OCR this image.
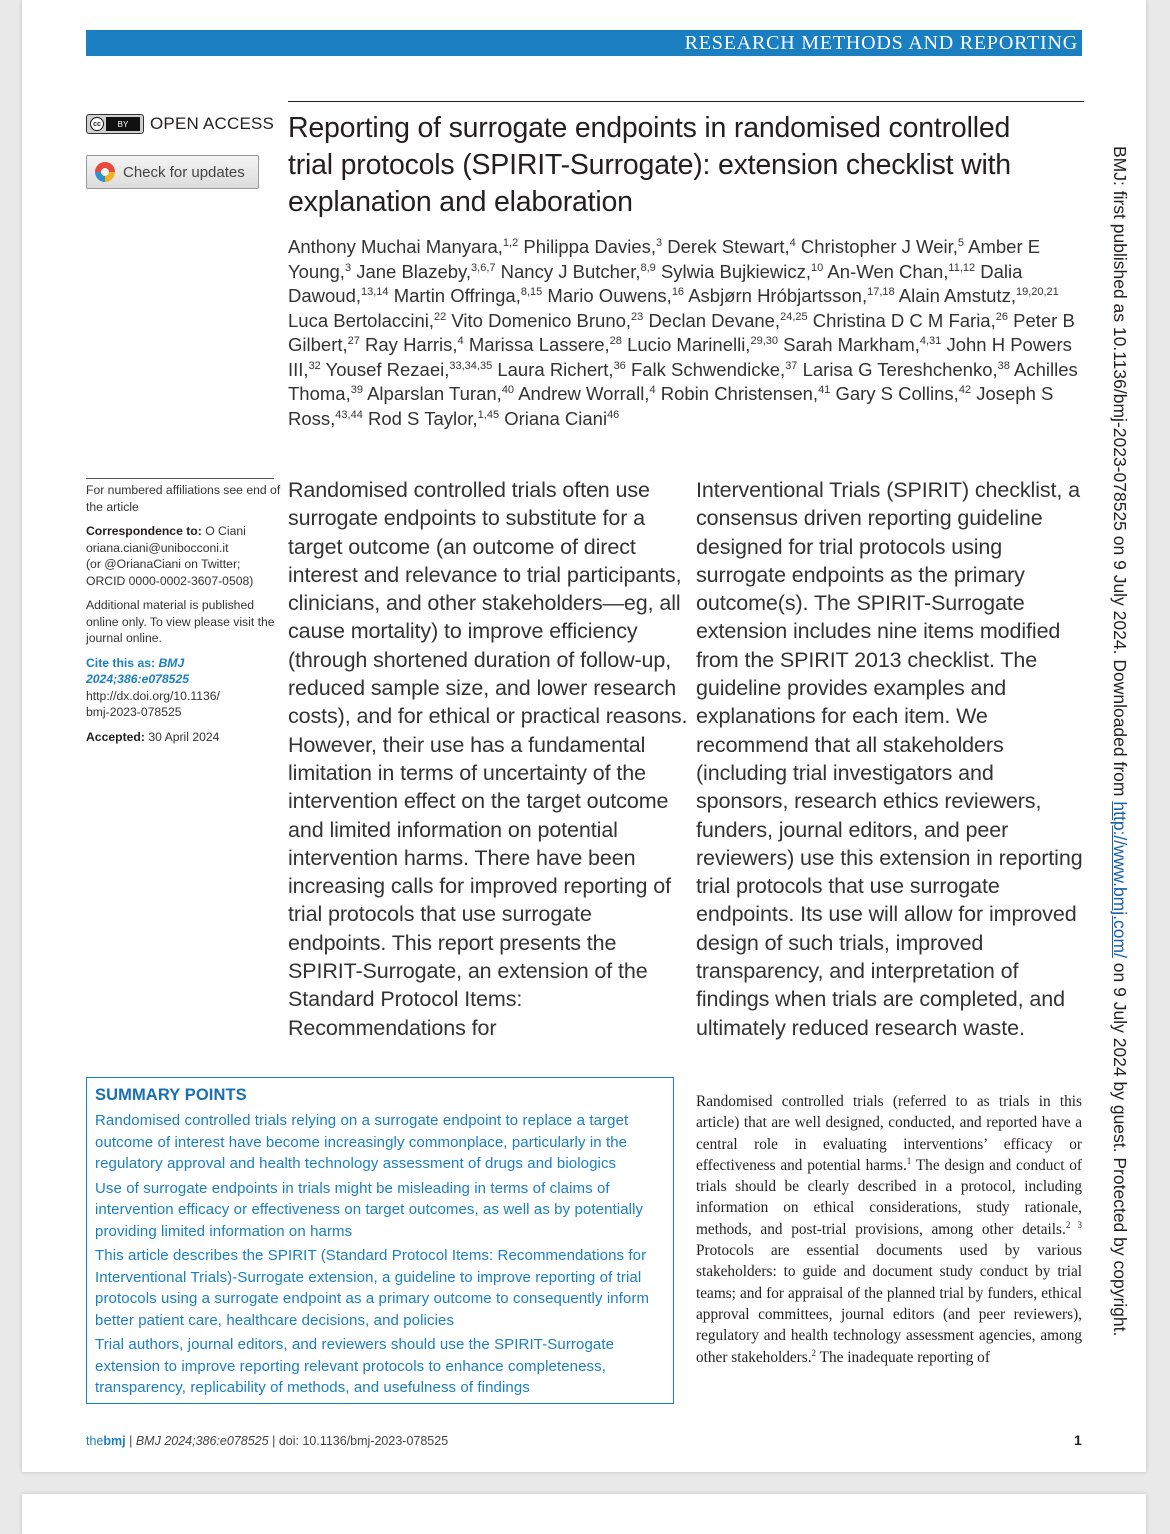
RESEARCH METHODS AND REPORTING
cc	BY	OPEN ACCESS
Check for updates
Reporting of surrogate endpoints in randomised controlled trial protocols (SPIRIT-Surrogate): extension checklist with explanation and elaboration
Anthony Muchai Manyara,$^{1,2}$ Philippa Davies,$^3$ Derek Stewart,$^4$ Christopher J Weir,$^5$ Amber E Young,$^3$ Jane Blazeby,$^{3,6,7}$ Nancy J Butcher,$^{8,9}$ Sylwia Bujkiewicz,$^{10}$ An-Wen Chan,$^{11,12}$ Dalia Dawoud,$^{13,14}$ Martin Offringa,$^{8,15}$ Mario Ouwens,$^{16}$ Asbjørn Hróbjartsson,$^{17,18}$ Alain Amstutz,$^{19,20,21}$ Luca Bertolaccini,$^{22}$ Vito Domenico Bruno,$^{23}$ Declan Devane,$^{24,25}$ Christina D C M Faria,$^{26}$ Peter B Gilbert,$^{27}$ Ray Harris,$^4$ Marissa Lassere,$^{28}$ Lucio Marinelli,$^{29,30}$ Sarah Markham,$^{4,31}$ John H Powers III,$^{32}$ Yousef Rezaei,$^{33,34,35}$ Laura Richert,$^{36}$ Falk Schwendicke,$^{37}$ Larisa G Tereshchenko,$^{38}$ Achilles Thoma,$^{39}$ Alparslan Turan,$^{40}$ Andrew Worrall,$^4$ Robin Christensen,$^{41}$ Gary S Collins,$^{42}$ Joseph S Ross,$^{43,44}$ Rod S Taylor,$^{1,45}$ Oriana Ciani$^{46}$

For numbered affiliations see end of the article

Correspondence to: O Ciani
oriana.ciani@unibocconi.it
(or @OrianaCiani on Twitter;
ORCID 0000-0002-3607-0508)

Additional material is published online only. To view please visit the journal online.

Cite this as: BMJ 2024;386:e078525
http://dx.doi.org/10.1136/
bmj-2023-078525

Accepted: 30 April 2024

Randomised controlled trials often use surrogate endpoints to substitute for a target outcome (an outcome of direct interest and relevance to trial participants, clinicians, and other stakeholders—eg, all cause mortality) to improve efficiency (through shortened duration of follow-up, reduced sample size, and lower research costs), and for ethical or practical reasons. However, their use has a fundamental limitation in terms of uncertainty of the intervention effect on the target outcome and limited information on potential intervention harms. There have been increasing calls for improved reporting of trial protocols that use surrogate endpoints. This report presents the SPIRIT-Surrogate, an extension of the Standard Protocol Items: Recommendations for
Interventional Trials (SPIRIT) checklist, a consensus driven reporting guideline designed for trial protocols using surrogate endpoints as the primary outcome(s). The SPIRIT-Surrogate extension includes nine items modified from the SPIRIT 2013 checklist. The guideline provides examples and explanations for each item. We recommend that all stakeholders (including trial investigators and sponsors, research ethics reviewers, funders, journal editors, and peer reviewers) use this extension in reporting trial protocols that use surrogate endpoints. Its use will allow for improved design of such trials, improved transparency, and interpretation of findings when trials are completed, and ultimately reduced research waste.
SUMMARY POINTS
Randomised controlled trials relying on a surrogate endpoint to replace a target outcome of interest have become increasingly commonplace, particularly in the regulatory approval and health technology assessment of drugs and biologics
Use of surrogate endpoints in trials might be misleading in terms of claims of intervention efficacy or effectiveness on target outcomes, as well as by potentially providing limited information on harms
This article describes the SPIRIT (Standard Protocol Items: Recommendations for Interventional Trials)-Surrogate extension, a guideline to improve reporting of trial protocols using a surrogate endpoint as a primary outcome to consequently inform better patient care, healthcare decisions, and policies
Trial authors, journal editors, and reviewers should use the SPIRIT-Surrogate extension to improve reporting relevant protocols to enhance completeness, transparency, replicability of methods, and usefulness of findings
Randomised controlled trials (referred to as trials in this article) that are well designed, conducted, and reported have a central role in evaluating interventions’ efficacy or effectiveness and potential harms.$^1$ The design and conduct of trials should be clearly described in a protocol, including information on ethical considerations, study rationale, methods, and post-trial provisions, among other details.$^{2 3}$ Protocols are essential documents used by various stakeholders: to guide and document study conduct by trial teams; and for appraisal of the planned trial by funders, ethical approval committees, journal editors (and peer reviewers), regulatory and health technology assessment agencies, among other stakeholders.$^2$ The inadequate reporting of
thebmj | BMJ 2024;386:e078525 | doi: 10.1136/bmj-2023-078525	1
BMJ: first published as 10.1136/bmj-2023-078525 on 9 July 2024. Downloaded from http://www.bmj.com/ on 9 July 2024 by guest. Protected by copyright.
